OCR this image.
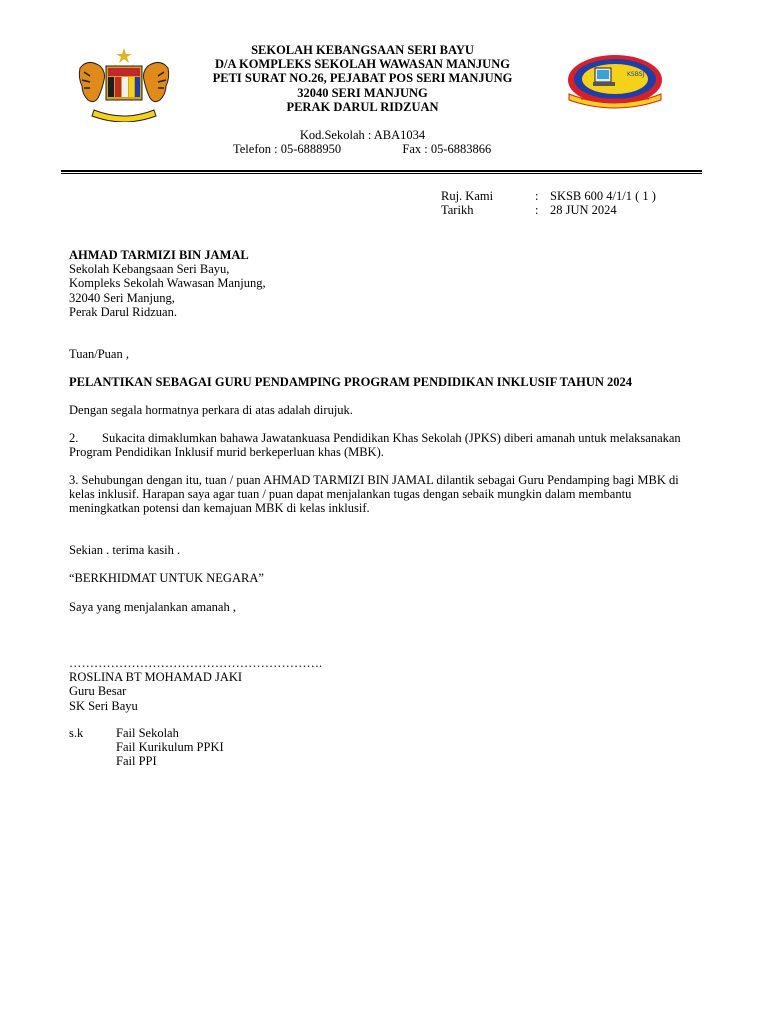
SEKOLAH KEBANGSAAN SERI BAYU
D/A KOMPLEKS SEKOLAH WAWASAN MANJUNG
PETI SURAT NO.26, PEJABAT POS SERI MANJUNG
32040 SERI MANJUNG
PERAK DARUL RIDZUAN
Kod.Sekolah : ABA1034
Telefon : 05-6888950	Fax : 05-6883866
KSBSJ
Ruj. Kami	:	SKSB 600 4/1/1 ( 1 )
Tarikh	:	28 JUN 2024
AHMAD TARMIZI BIN JAMAL
Sekolah Kebangsaan Seri Bayu,
Kompleks Sekolah Wawasan Manjung,
32040 Seri Manjung,
Perak Darul Ridzuan.
Tuan/Puan ,
PELANTIKAN SEBAGAI GURU PENDAMPING PROGRAM PENDIDIKAN INKLUSIF TAHUN 2024
Dengan segala hormatnya perkara di atas adalah dirujuk.
2. Sukacita dimaklumkan bahawa Jawatankuasa Pendidikan Khas Sekolah (JPKS) diberi amanah untuk melaksanakan
Program Pendidikan Inklusif murid berkeperluan khas (MBK).
3. Sehubungan dengan itu, tuan / puan AHMAD TARMIZI BIN JAMAL dilantik sebagai Guru Pendamping bagi MBK di
kelas inklusif. Harapan saya agar tuan / puan dapat menjalankan tugas dengan sebaik mungkin dalam membantu
meningkatkan potensi dan kemajuan MBK di kelas inklusif.
Sekian . terima kasih .
“BERKHIDMAT UNTUK NEGARA”
Saya yang menjalankan amanah ,
…………………………………………………….
ROSLINA BT MOHAMAD JAKI
Guru Besar
SK Seri Bayu
s.k	Fail Sekolah
	Fail Kurikulum PPKI
	Fail PPI
